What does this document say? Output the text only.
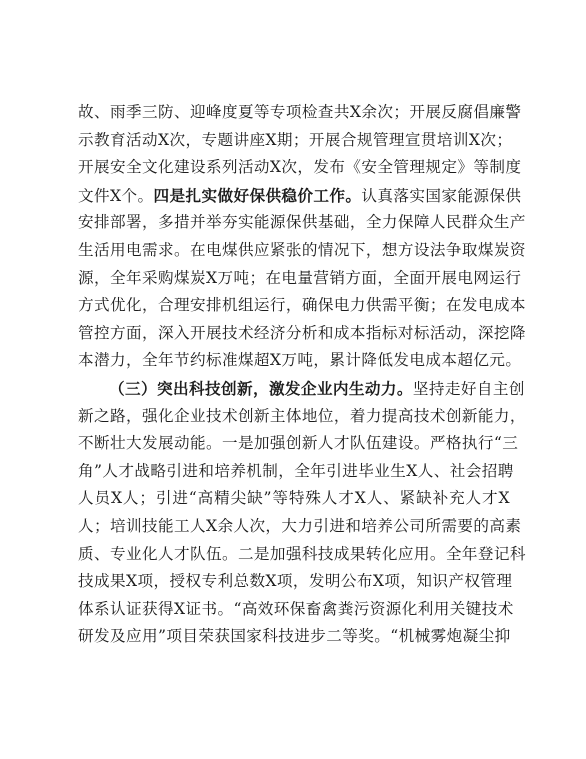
故、雨季三防、迎峰度夏等专项检查共X余次；开展反腐倡廉警
示教育活动X次，专题讲座X期；开展合规管理宣贯培训X次；
开展安全文化建设系列活动X次，发布《安全管理规定》等制度
文件X个。四是扎实做好保供稳价工作。认真落实国家能源保供
安排部署，多措并举夯实能源保供基础，全力保障人民群众生产
生活用电需求。在电煤供应紧张的情况下，想方设法争取煤炭资
源，全年采购煤炭X万吨；在电量营销方面，全面开展电网运行
方式优化，合理安排机组运行，确保电力供需平衡；在发电成本
管控方面，深入开展技术经济分析和成本指标对标活动，深挖降
本潜力，全年节约标准煤超X万吨，累计降低发电成本超亿元。
（三）突出科技创新，激发企业内生动力。坚持走好自主创
新之路，强化企业技术创新主体地位，着力提高技术创新能力，
不断壮大发展动能。一是加强创新人才队伍建设。严格执行“三
角”人才战略引进和培养机制，全年引进毕业生X人、社会招聘
人员X人；引进“高精尖缺”等特殊人才X人、紧缺补充人才X
人；培训技能工人X余人次，大力引进和培养公司所需要的高素
质、专业化人才队伍。二是加强科技成果转化应用。全年登记科
技成果X项，授权专利总数X项，发明公布X项，知识产权管理
体系认证获得X证书。“高效环保畜禽粪污资源化利用关键技术
研发及应用”项目荣获国家科技进步二等奖。“机械雾炮凝尘抑
